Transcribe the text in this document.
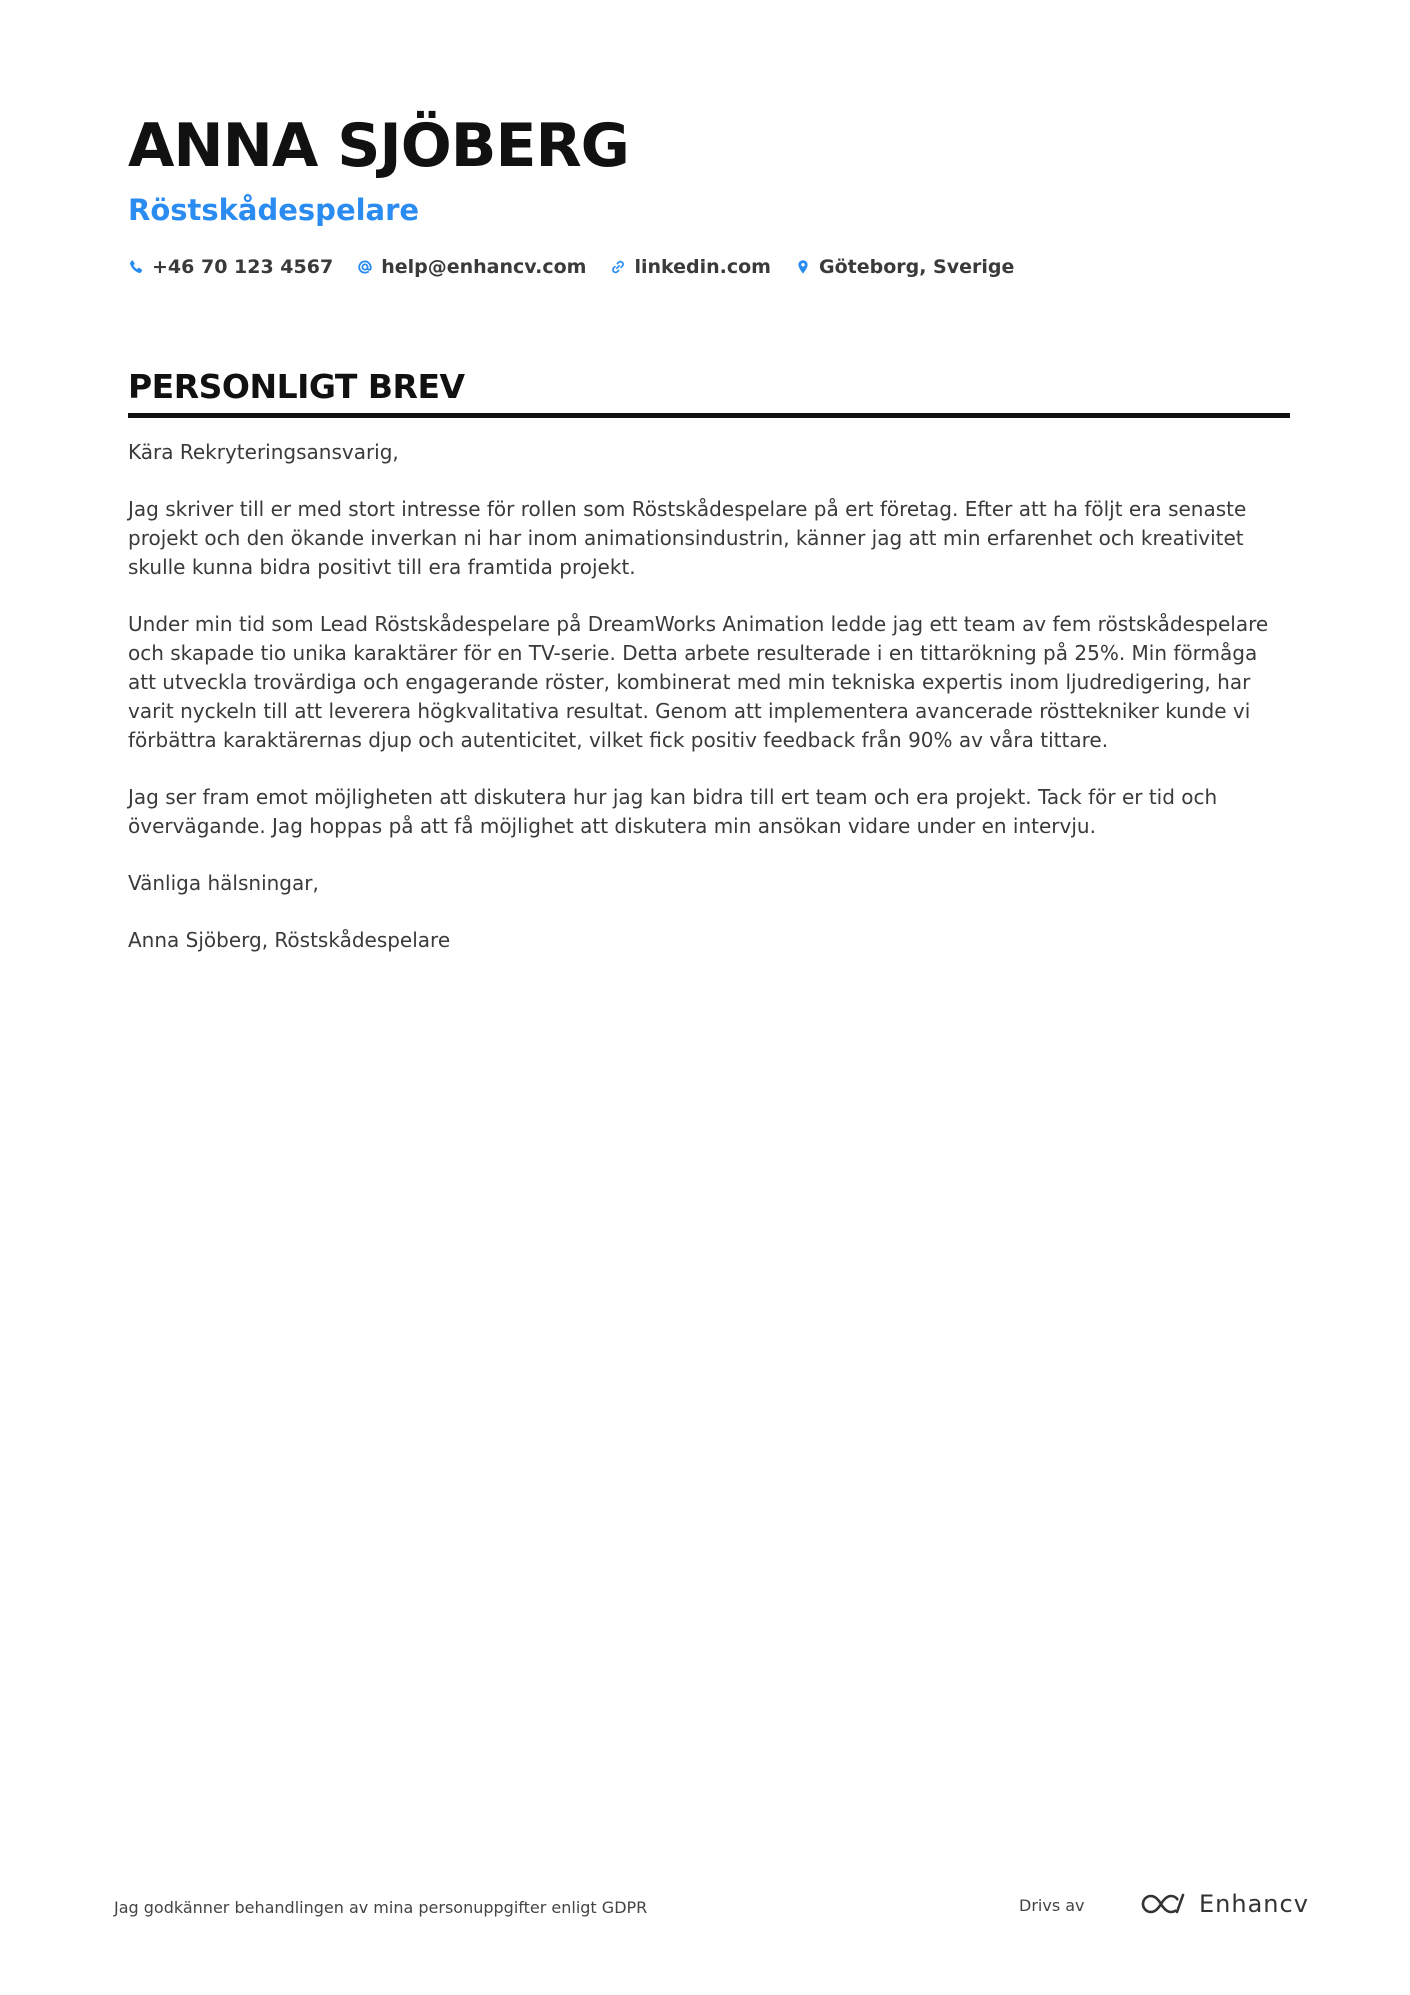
ANNA SJÖBERG
Röstskådespelare
+46 70 123 4567	help@enhancv.com	linkedin.com	Göteborg, Sverige
PERSONLIGT BREV

Kära Rekryteringsansvarig,

Jag skriver till er med stort intresse för rollen som Röstskådespelare på ert företag. Efter att ha följt era senaste projekt och den ökande inverkan ni har inom animationsindustrin, känner jag att min erfarenhet och kreativitet skulle kunna bidra positivt till era framtida projekt.

Under min tid som Lead Röstskådespelare på DreamWorks Animation ledde jag ett team av fem röstskådespelare och skapade tio unika karaktärer för en TV-serie. Detta arbete resulterade i en tittarökning på 25%. Min förmåga att utveckla trovärdiga och engagerande röster, kombinerat med min tekniska expertis inom ljudredigering, har varit nyckeln till att leverera högkvalitativa resultat. Genom att implementera avancerade rösttekniker kunde vi förbättra karaktärernas djup och autenticitet, vilket fick positiv feedback från 90% av våra tittare.

Jag ser fram emot möjligheten att diskutera hur jag kan bidra till ert team och era projekt. Tack för er tid och övervägande. Jag hoppas på att få möjlighet att diskutera min ansökan vidare under en intervju.

Vänliga hälsningar,

Anna Sjöberg, Röstskådespelare

Jag godkänner behandlingen av mina personuppgifter enligt GDPR	Drivs av	Enhancv
